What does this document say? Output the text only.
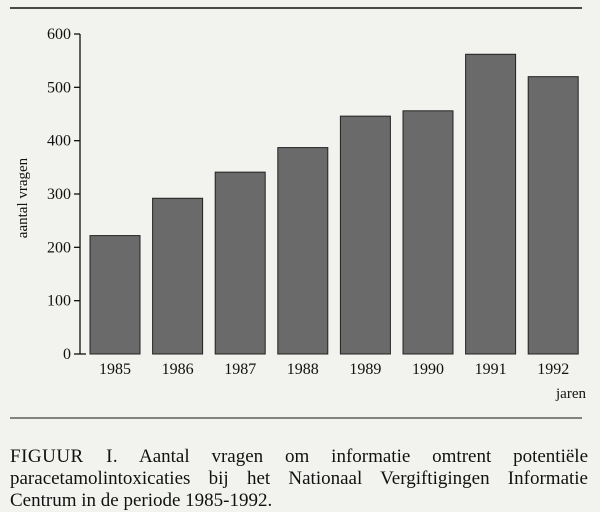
0
100
200
300
400
500
600
1985 1986 1987 1988 1989 1990 1991 1992
aantal vragen
jaren
FIGUUR I. Aantal vragen om informatie omtrent potentiële paracetamolintoxicaties bij het Nationaal Vergiftigingen Informatie Centrum in de periode 1985-1992.
